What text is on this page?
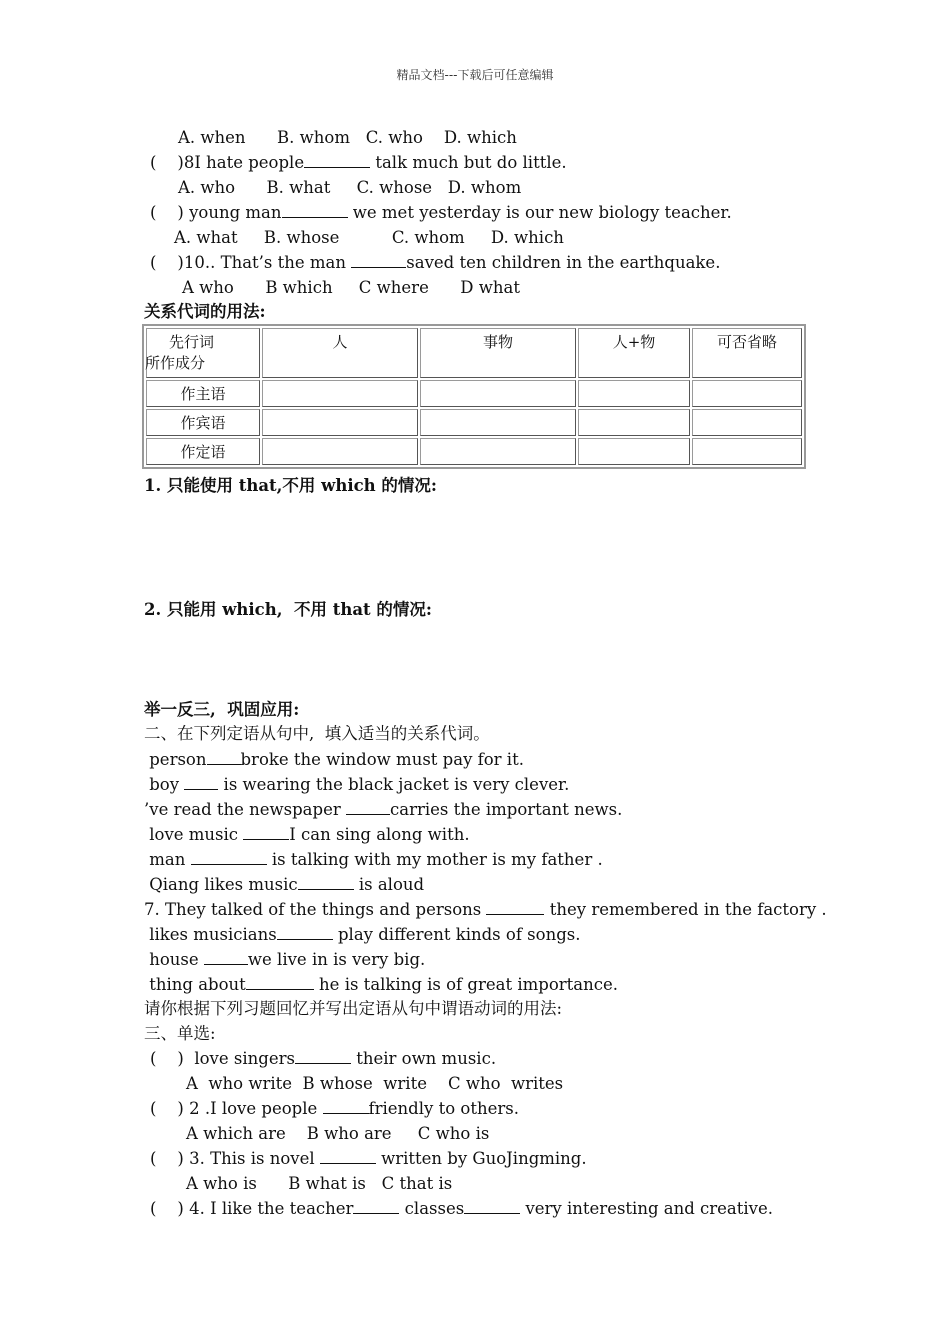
精品文档---下载后可任意编辑
A. when      B. whom   C. who    D. which
(    )8I hate people	talk much but do little.
A. who      B. what     C. whose   D. whom
(    ) young man	we met yesterday is our new biology teacher.
A. what     B. whose          C. whom     D. which
(    )10.. That’s the man	saved ten children in the earthquake.
A who      B which     C where      D what
关系代词的用法:
先行词
所作成分	人	事物	人+物	可否省略
作主语				
作宾语				
作定语				
1. 只能使用 that,不用 which 的情况:
2. 只能用 which,  不用 that 的情况:
举一反三,  巩固应用:
二、在下列定语从句中,  填入适当的关系代词。
person broke the window must pay for it.
boy  is wearing the black jacket is very clever.
’ve read the newspaper	carries the important news.
love music	I can sing along with.
man	is talking with my mother is my father .
Qiang likes music	is aloud
7. They talked of the things and persons	they remembered in the factory .
likes musicians	play different kinds of songs.
house	we live in is very big.
thing about	he is talking is of great importance.
请你根据下列习题回忆并写出定语从句中谓语动词的用法:
三、单选:
(    )  love singers	their own music.
A  who write  B whose  write    C who  writes
(    ) 2 .I love people	friendly to others.
A which are    B who are     C who is
(    ) 3. This is novel	written by GuoJingming.
A who is      B what is   C that is
(    ) 4. I like the teacher	classes	very interesting and creative.
